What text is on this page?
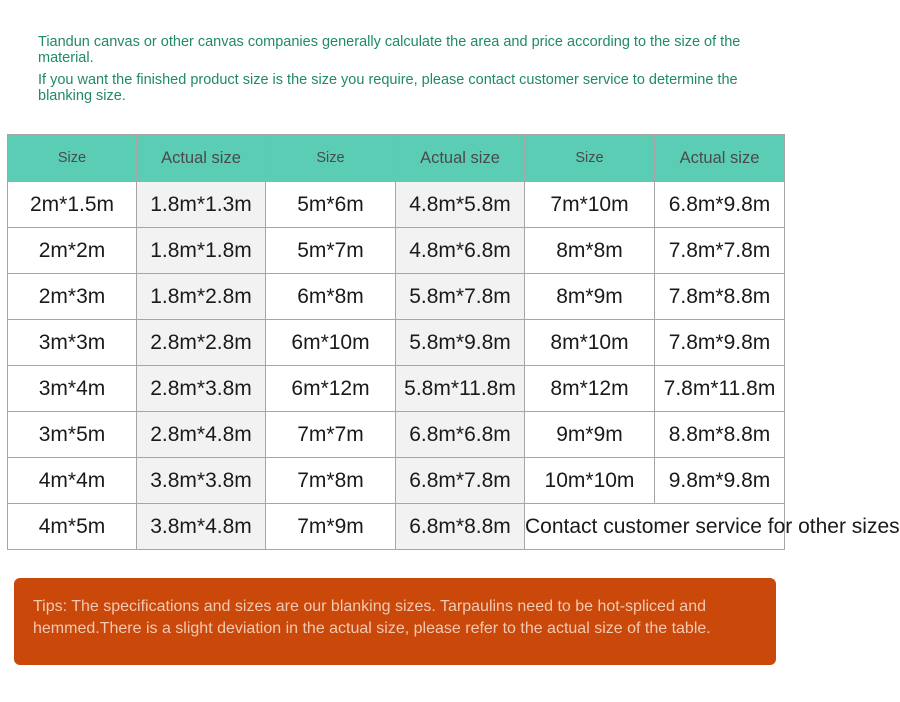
Tiandun canvas or other canvas companies generally calculate the area and price according to the size of the material.

If you want the finished product size is the size you require, please contact customer service to determine the blanking size.

Size	Actual size	Size	Actual size	Size	Actual size
2m*1.5m	1.8m*1.3m	5m*6m	4.8m*5.8m	7m*10m	6.8m*9.8m
2m*2m	1.8m*1.8m	5m*7m	4.8m*6.8m	8m*8m	7.8m*7.8m
2m*3m	1.8m*2.8m	6m*8m	5.8m*7.8m	8m*9m	7.8m*8.8m
3m*3m	2.8m*2.8m	6m*10m	5.8m*9.8m	8m*10m	7.8m*9.8m
3m*4m	2.8m*3.8m	6m*12m	5.8m*11.8m	8m*12m	7.8m*11.8m
3m*5m	2.8m*4.8m	7m*7m	6.8m*6.8m	9m*9m	8.8m*8.8m
4m*4m	3.8m*3.8m	7m*8m	6.8m*7.8m	10m*10m	9.8m*9.8m
4m*5m	3.8m*4.8m	7m*9m	6.8m*8.8m	Contact customer service for other sizes	
Tips: The specifications and sizes are our blanking sizes. Tarpaulins need to be hot-spliced and hemmed.There is a slight deviation in the actual size, please refer to the actual size of the table.
